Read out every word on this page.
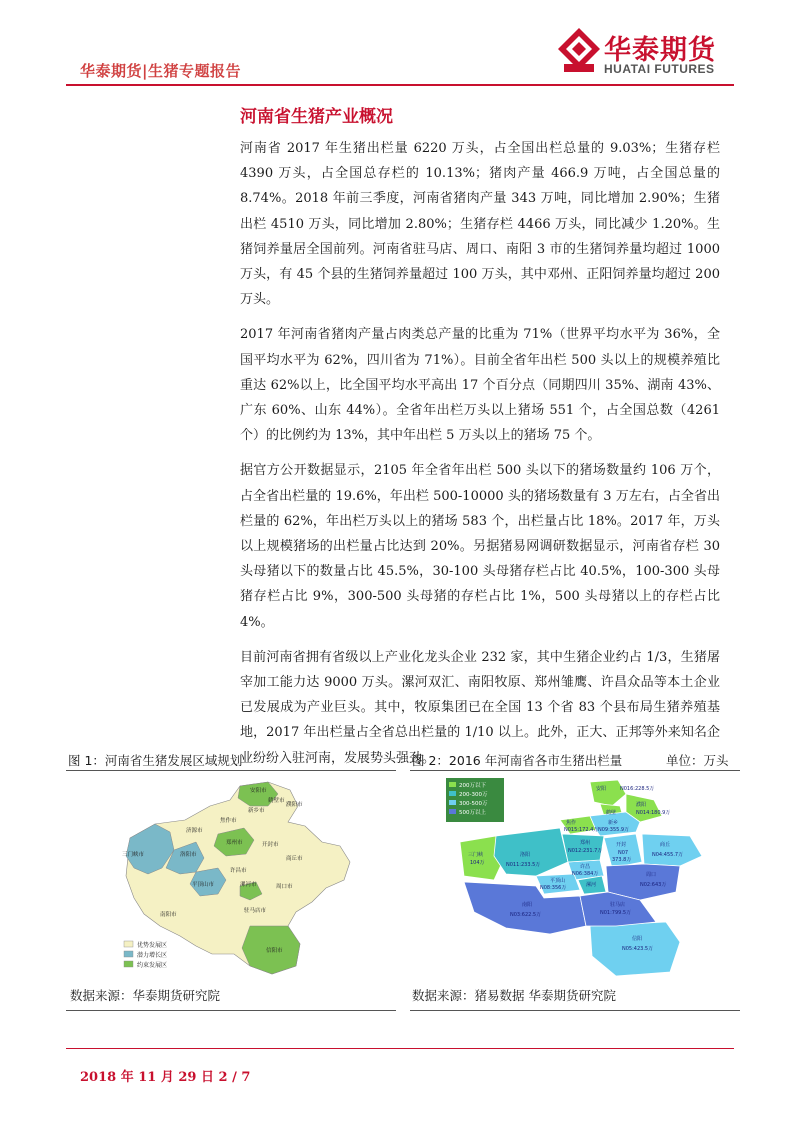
华泰期货|生猪专题报告
华泰期货
HUATAI FUTURES
河南省生猪产业概况

河南省 2017 年生猪出栏量 6220 万头，占全国出栏总量的 9.03%；生猪存栏 4390 万头，占全国总存栏的 10.13%；猪肉产量 466.9 万吨，占全国总量的 8.74%。2018 年前三季度，河南省猪肉产量 343 万吨，同比增加 2.90%；生猪出栏 4510 万头，同比增加 2.80%；生猪存栏 4466 万头，同比减少 1.20%。生猪饲养量居全国前列。河南省驻马店、周口、南阳 3 市的生猪饲养量均超过 1000 万头，有 45 个县的生猪饲养量超过 100 万头，其中邓州、正阳饲养量均超过 200 万头。

2017 年河南省猪肉产量占肉类总产量的比重为 71%（世界平均水平为 36%，全国平均水平为 62%，四川省为 71%）。目前全省年出栏 500 头以上的规模养殖比重达 62%以上，比全国平均水平高出 17 个百分点（同期四川 35%、湖南 43%、广东 60%、山东 44%）。全省年出栏万头以上猪场 551 个，占全国总数（4261 个）的比例约为 13%，其中年出栏 5 万头以上的猪场 75 个。

据官方公开数据显示，2105 年全省年出栏 500 头以下的猪场数量约 106 万个，占全省出栏量的 19.6%，年出栏 500-10000 头的猪场数量有 3 万左右，占全省出栏量的 62%，年出栏万头以上的猪场 583 个，出栏量占比 18%。2017 年，万头以上规模猪场的出栏量占比达到 20%。另据猪易网调研数据显示，河南省存栏 30 头母猪以下的数量占比 45.5%，30-100 头母猪存栏占比 40.5%，100-300 头母猪存栏占比 9%，300-500 头母猪的存栏占比 1%，500 头母猪以上的存栏占比 4%。

目前河南省拥有省级以上产业化龙头企业 232 家，其中生猪企业约占 1/3，生猪屠宰加工能力达 9000 万头。漯河双汇、南阳牧原、郑州雏鹰、许昌众品等本土企业已发展成为产业巨头。其中，牧原集团已在全国 13 个省 83 个县布局生猪养殖基地，2017 年出栏量占全省总出栏量的 1/10 以上。此外，正大、正邦等外来知名企业纷纷入驻河南，发展势头强劲。

图 1：河南省生猪发展区域规划
安阳市
鹤壁市
新乡市
焦作市
济源市
郑州市	开封市
三门峡市	洛阳市
商丘市
许昌市
平顶山市	漯河市	周口市
南阳市
驻马店市
信阳市
濮阳市
优势发展区
潜力增长区
约束发展区
图 2：2016 年河南省各市生猪出栏量	单位：万头
安阳	N016:228.5万
濮阳
N014:180.9万
鹤壁
新乡
N09:355.9万
焦作
N015:172.4万
郑州
N012:231.7万
开封
N07
373.8万
商丘
N04:455.7万
三门峡
104万
洛阳
N011:233.5万	许昌
N06:384万
平顶山
N08:356万	漯河
周口
N02:643万
南阳
N03:622.5万
驻马店
N01:799.5万
信阳
N05:423.5万
200万以下
200-300万
300-500万
500万以上
数据来源：华泰期货研究院	数据来源：猪易数据 华泰期货研究院
2018 年 11 月 29 日 2 / 7
